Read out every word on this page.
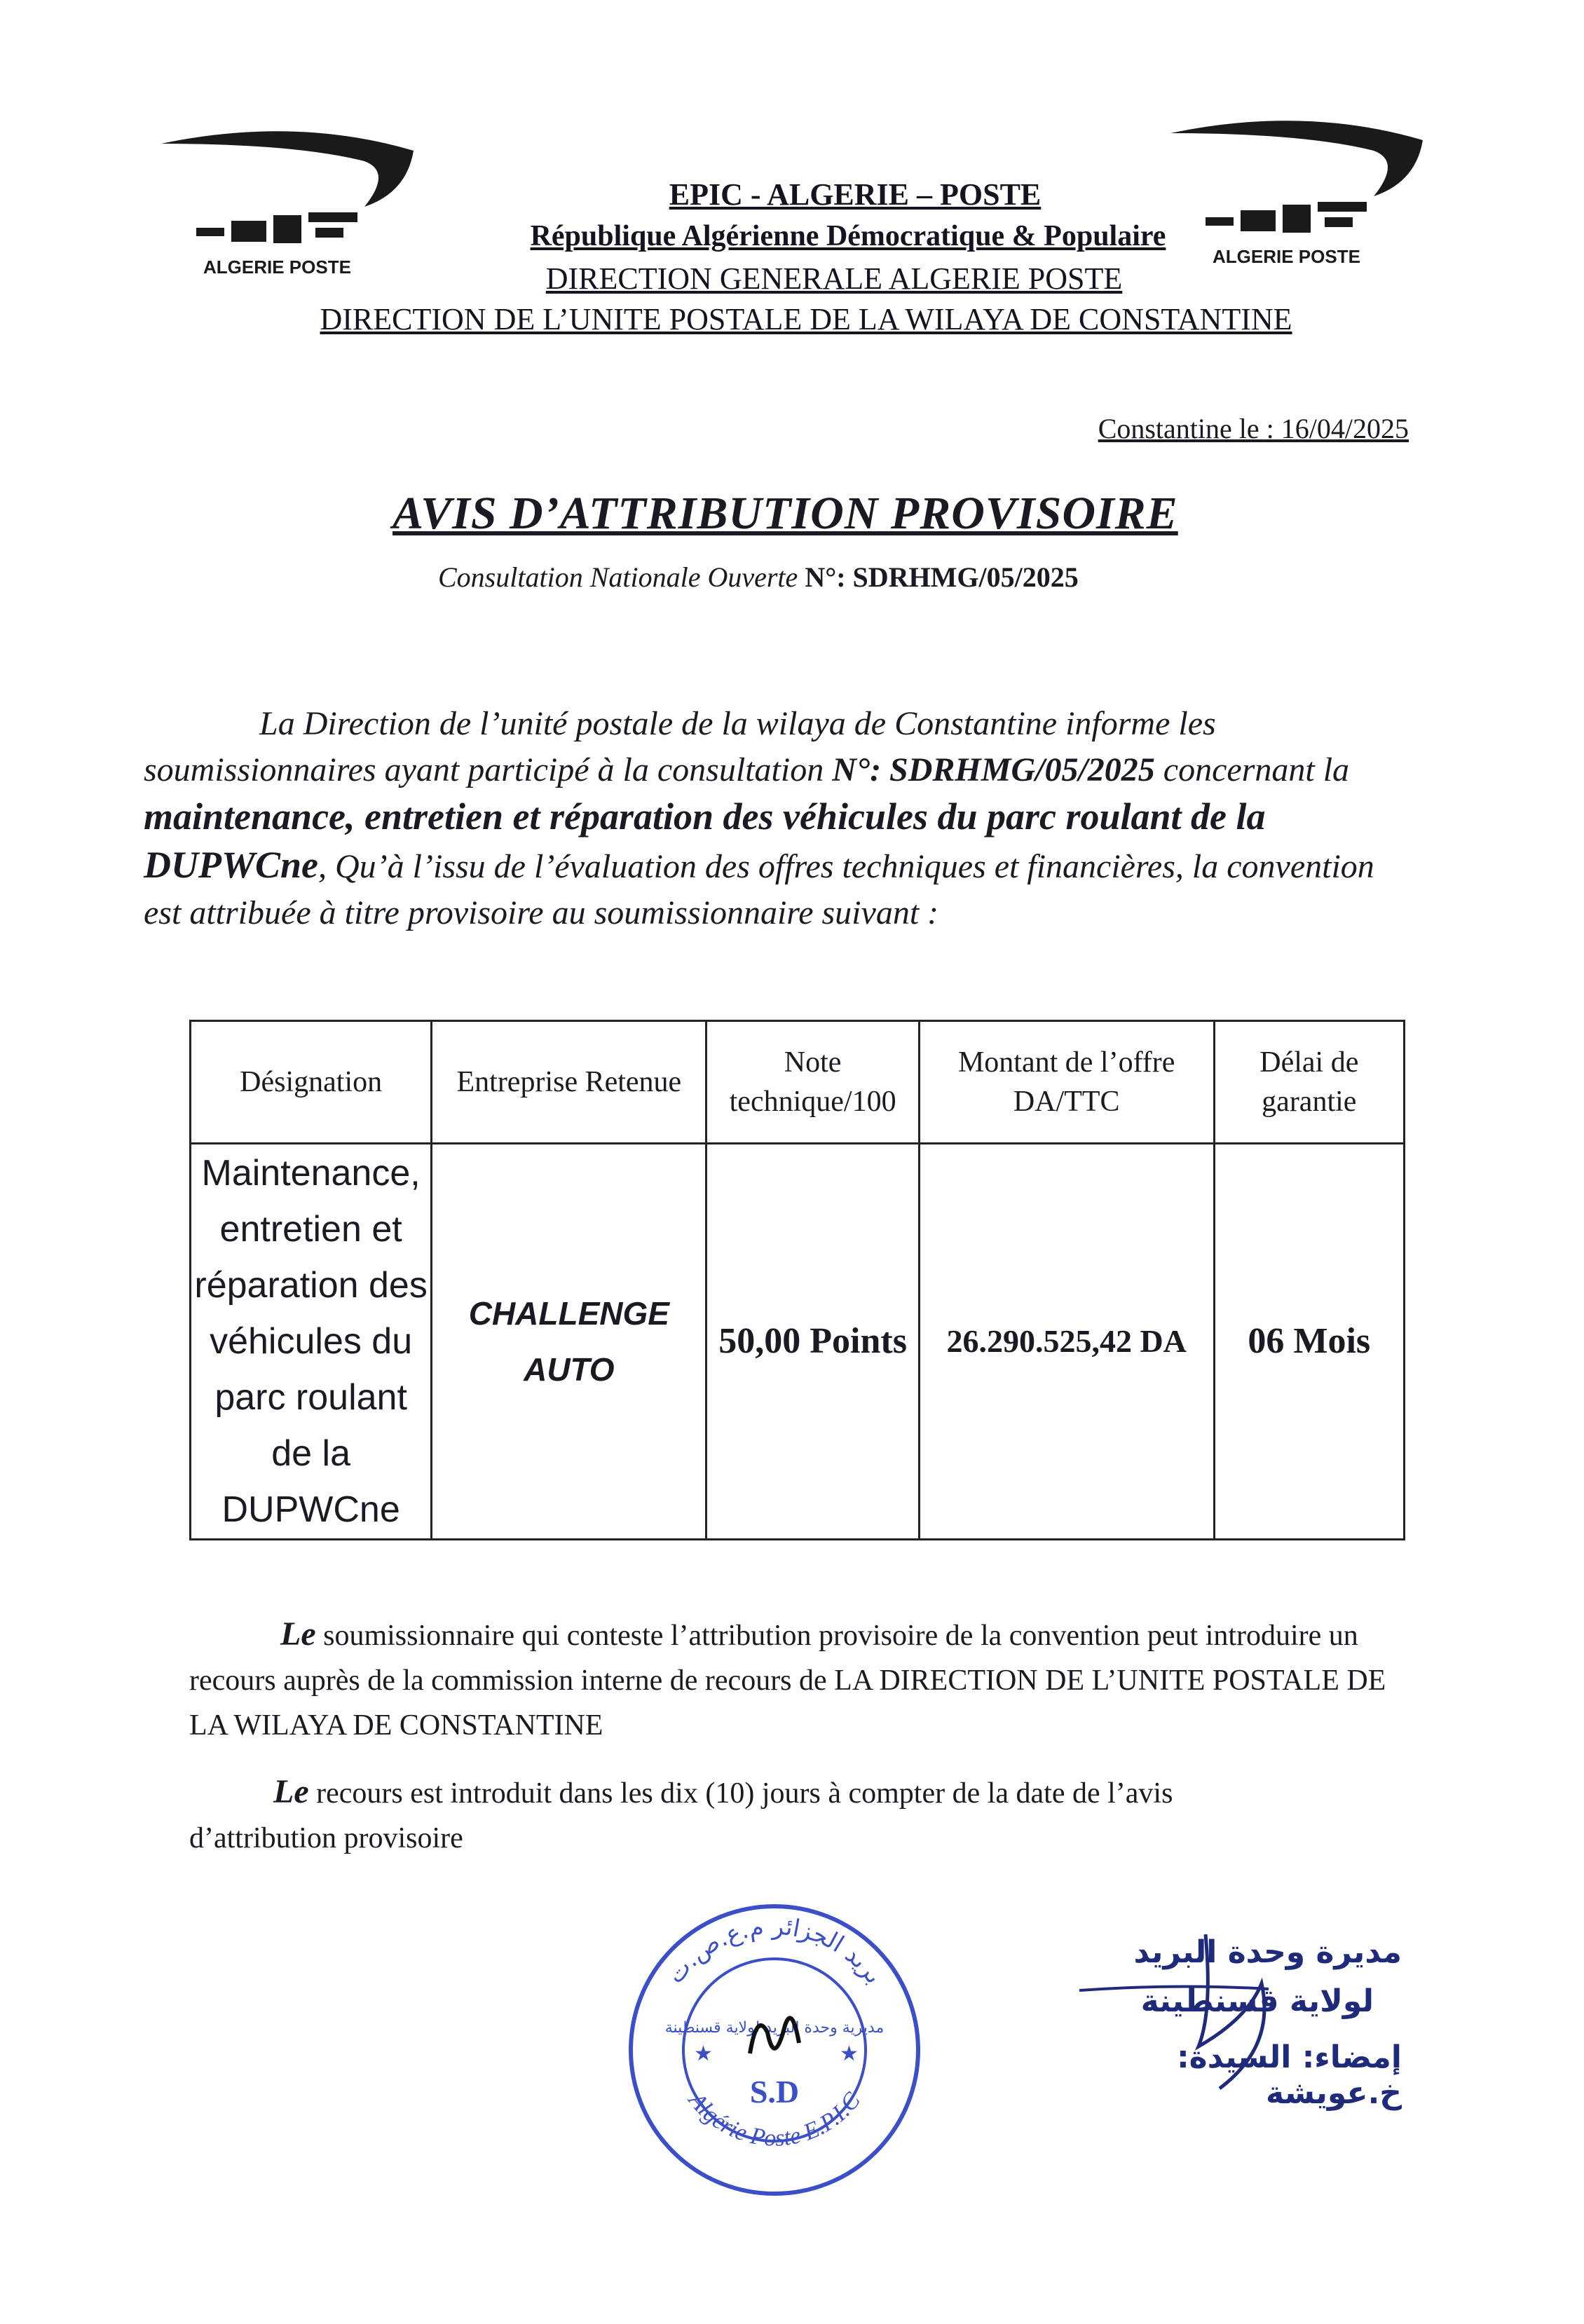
ALGERIE POSTE	ALGERIE POSTE
EPIC - ALGERIE – POSTE
République Algérienne Démocratique & Populaire
DIRECTION GENERALE ALGERIE POSTE
DIRECTION DE L’UNITE POSTALE DE LA WILAYA DE CONSTANTINE
Constantine le : 16/04/2025
AVIS D’ATTRIBUTION PROVISOIRE
Consultation Nationale Ouverte N°: SDRHMG/05/2025
La Direction de l’unité postale de la wilaya de Constantine informe les soumissionnaires ayant participé à la consultation N°: SDRHMG/05/2025 concernant la maintenance, entretien et réparation des véhicules du parc roulant de la DUPWCne, Qu’à l’issu de l’évaluation des offres techniques et financières, la convention est attribuée à titre provisoire au soumissionnaire suivant :
Désignation	Entreprise Retenue	Note technique/100	Montant de l’offre DA/TTC	Délai de garantie
Maintenance, entretien et réparation des véhicules du parc roulant de la DUPWCne	CHALLENGE AUTO	50,00 Points	26.290.525,42 DA	06 Mois
Le soumissionnaire qui conteste l’attribution provisoire de la convention peut introduire un recours auprès de la commission interne de recours de LA DIRECTION DE L’UNITE POSTALE DE LA WILAYA DE CONSTANTINE
Le recours est introduit dans les dix (10) jours à compter de la date de l’avis d’attribution provisoire
بريد الجزائر م.ع.ص.ت
Algérie Poste E.P.I.C
مديرية وحدة البريد لولاية قسنطينة
S.D
★	★
مديرة وحدة البريد
لولاية قسنطينة
إمضاء: السيدة: خ.عويشة
